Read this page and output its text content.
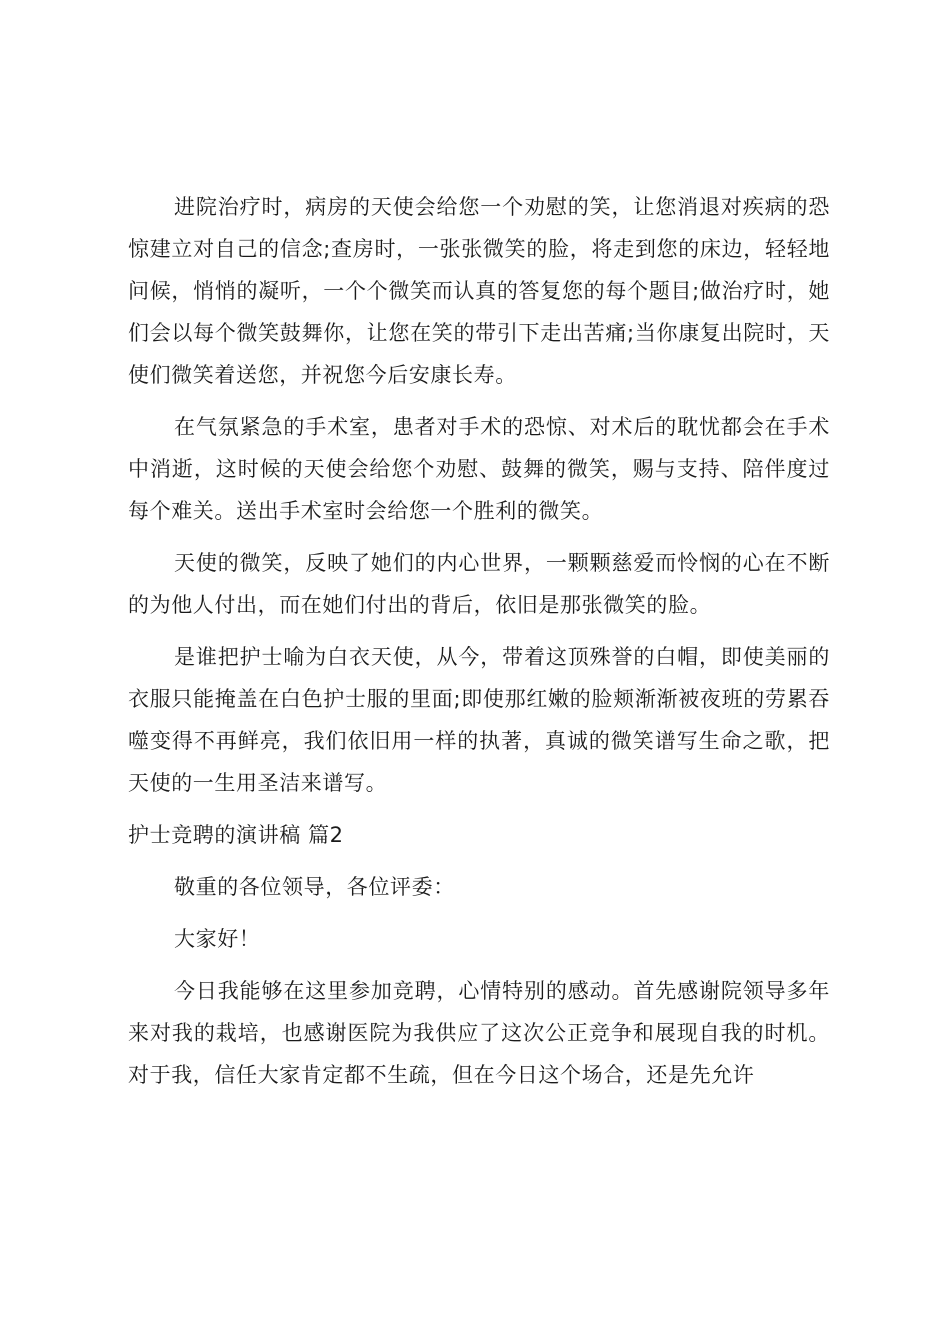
进院治疗时，病房的天使会给您一个劝慰的笑，让您消退对疾病的恐惊建立对自己的信念;查房时，一张张微笑的脸，将走到您的床边，轻轻地问候，悄悄的凝听，一个个微笑而认真的答复您的每个题目;做治疗时，她们会以每个微笑鼓舞你，让您在笑的带引下走出苦痛;当你康复出院时，天使们微笑着送您，并祝您今后安康长寿。

在气氛紧急的手术室，患者对手术的恐惊、对术后的耽忧都会在手术中消逝，这时候的天使会给您个劝慰、鼓舞的微笑，赐与支持、陪伴度过每个难关。送出手术室时会给您一个胜利的微笑。

天使的微笑，反映了她们的内心世界，一颗颗慈爱而怜悯的心在不断的为他人付出，而在她们付出的背后，依旧是那张微笑的脸。

是谁把护士喻为白衣天使，从今，带着这顶殊誉的白帽，即使美丽的衣服只能掩盖在白色护士服的里面;即使那红嫩的脸颊渐渐被夜班的劳累吞噬变得不再鲜亮，我们依旧用一样的执著，真诚的微笑谱写生命之歌，把天使的一生用圣洁来谱写。

护士竞聘的演讲稿 篇2

敬重的各位领导，各位评委：

大家好！

今日我能够在这里参加竞聘，心情特别的感动。首先感谢院领导多年来对我的栽培，也感谢医院为我供应了这次公正竞争和展现自我的时机。对于我，信任大家肯定都不生疏，但在今日这个场合，还是先允许
